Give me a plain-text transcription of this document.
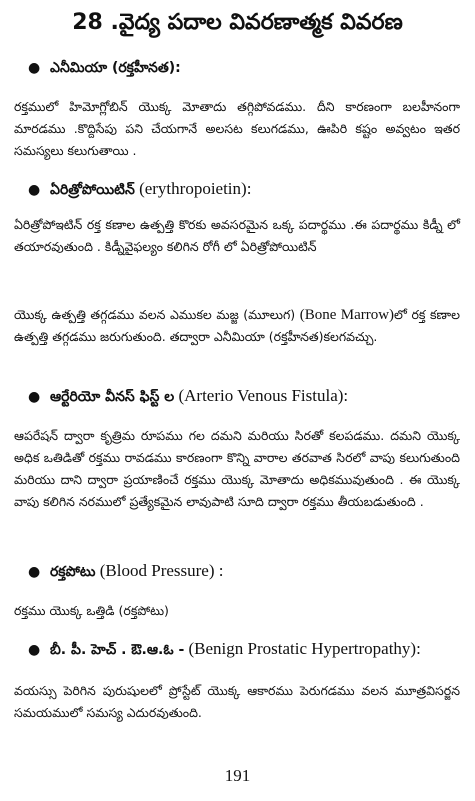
28 .వైద్య పదాల వివరణాత్మక వివరణ
● ఎనీమియా (రక్తహీనత):
రక్తములో హిమోగ్లోబిన్ యొక్క మోతాదు తగ్గిపోవడము. దీని కారణంగా బలహీనంగా మారడము .కొద్దిసేపు పని చేయగానే అలసట కలుగడము, ఊపిరి కష్టం అవ్వటం ఇతర సమస్యలు కలుగుతాయి .
● ఏరిత్రోపోయిటిన్ (erythropoietin):
ఏరిత్రోపోఇటిన్ రక్త కణాల ఉత్పత్తి కొరకు అవసరమైన ఒక్క పదార్థము .ఈ పదార్థము కిడ్నీ లో తయారవుతుంది . కిడ్నీవైఫల్యం కలిగిన రోగీ లో ఏరిత్రోపోయిటిన్
యొక్క ఉత్పత్తి తగ్గడము వలన ఎముకల మజ్జ (మూలుగ) (Bone Marrow)లో రక్త కణాల ఉత్పత్తి తగ్గడము జరుగుతుంది. తద్వారా ఎనీమియా (రక్తహీనత)కలగవచ్చు.
● ఆర్టేరియో వీనస్ ఫిస్ట్ ల (Arterio Venous Fistula):
ఆపరేషన్ ద్వారా కృత్రిమ రూపము గల దమని మరియు సిరతో కలపడము. దమని యొక్క అధిక ఒతిడితో రక్తము రావడము కారణంగా కొన్ని వారాల తరవాత సిరలో వాపు కలుగుతుంది మరియు దాని ద్వారా ప్రయాణించే రక్తము యొక్క మోతాదు అధికమువుతుంది . ఈ యొక్క వాపు కలిగిన నరములో ప్రత్యేకమైన లావుపాటి సూది ద్వారా రక్తము తీయబడుతుంది .
● రక్తపోటు (Blood Pressure) :
రక్తము యొక్క ఒత్తిడి (రక్తపోటు)
● బీ. పీ. హెచ్ . ఔ.ఆ.ఓ - (Benign Prostatic Hypertropathy):
వయస్సు పెరిగిన పురుషులలో ప్రోస్టేట్ యొక్క ఆకారము పెరుగడము వలన మూత్రవిసర్జన సమయములో సమస్య ఎదురవుతుంది.
191
